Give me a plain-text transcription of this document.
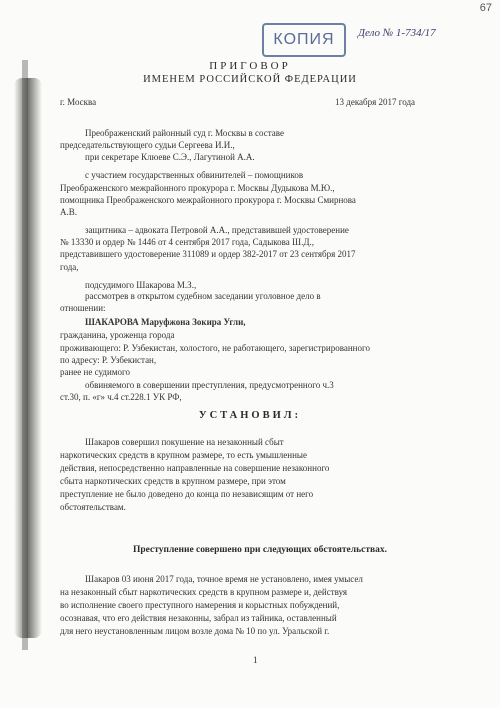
67
КОПИЯ	Дело № 1-734/17
ПРИГОВОР
ИМЕНЕМ РОССИЙСКОЙ ФЕДЕРАЦИИ
г. Москва	13 декабря 2017 года
Преображенский районный суд г. Москвы в составе
председательствующего судьи Сергеева И.И.,
при секретаре Клюеве С.Э., Лагутиной А.А.
с участием государственных обвинителей – помощников
Преображенского межрайонного прокурора г. Москвы Дудыкова М.Ю.,
помощника Преображенского межрайонного прокурора г. Москвы Смирнова
А.В.
защитника – адвоката Петровой А.А., представившей удостоверение
№ 13330 и ордер № 1446 от 4 сентября 2017 года, Садыкова Ш.Д.,
представившего удостоверение 311089 и ордер 382-2017 от 23 сентября 2017
года,
подсудимого Шакарова М.З.,
рассмотрев в открытом судебном заседании уголовное дело в
отношении:
ШАКАРОВА Маруфжона Зокира Угли,
гражданина, уроженца города
проживающего: Р. Узбекистан, холостого, не работающего, зарегистрированного
по адресу: Р. Узбекистан,
ранее не судимого
обвиняемого в совершении преступления, предусмотренного ч.3
ст.30, п. «г» ч.4 ст.228.1 УК РФ,
УСТАНОВИЛ:
Шакаров совершил покушение на незаконный сбыт
наркотических средств в крупном размере, то есть умышленные
действия, непосредственно направленные на совершение незаконного
сбыта наркотических средств в крупном размере, при этом
преступление не было доведено до конца по независящим от него
обстоятельствам.
Преступление совершено при следующих обстоятельствах.
Шакаров 03 июня 2017 года, точное время не установлено, имея умысел
на незаконный сбыт наркотических средств в крупном размере и, действуя
во исполнение своего преступного намерения и корыстных побуждений,
осознавая, что его действия незаконны, забрал из тайника, оставленный
для него неустановленным лицом возле дома № 10 по ул. Уральской г.
1
